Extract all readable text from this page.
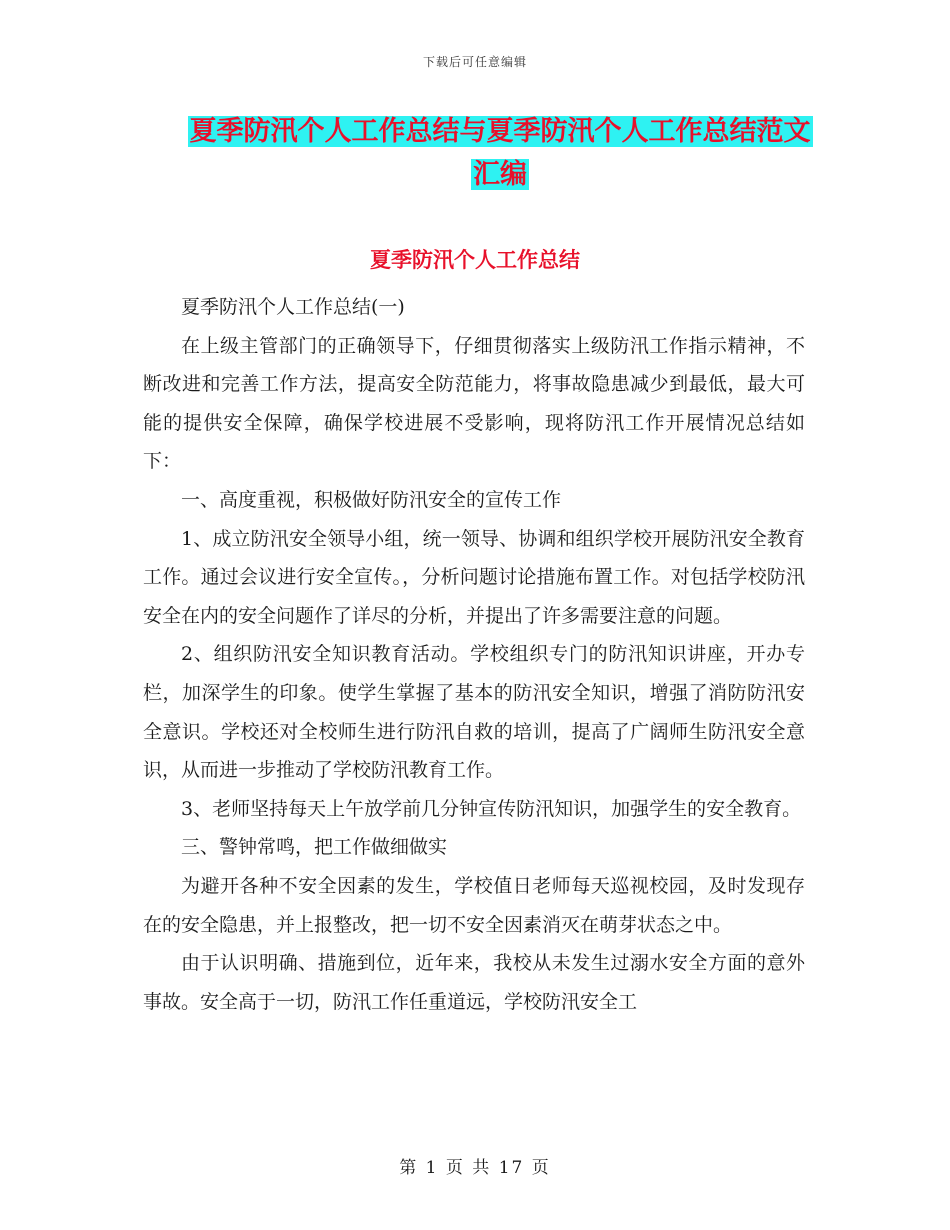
下载后可任意编辑
夏季防汛个人工作总结与夏季防汛个人工作总结范文
汇编
夏季防汛个人工作总结

夏季防汛个人工作总结(一)

在上级主管部门的正确领导下，仔细贯彻落实上级防汛工作指示精神，不断改进和完善工作方法，提高安全防范能力，将事故隐患减少到最低，最大可能的提供安全保障，确保学校进展不受影响，现将防汛工作开展情况总结如下：

一、高度重视，积极做好防汛安全的宣传工作

1、成立防汛安全领导小组，统一领导、协调和组织学校开展防汛安全教育工作。通过会议进行安全宣传。，分析问题讨论措施布置工作。对包括学校防汛安全在内的安全问题作了详尽的分析，并提出了许多需要注意的问题。

2、组织防汛安全知识教育活动。学校组织专门的防汛知识讲座，开办专栏，加深学生的印象。使学生掌握了基本的防汛安全知识，增强了消防防汛安全意识。学校还对全校师生进行防汛自救的培训，提高了广阔师生防汛安全意识，从而进一步推动了学校防汛教育工作。

3、老师坚持每天上午放学前几分钟宣传防汛知识，加强学生的安全教育。

三、警钟常鸣，把工作做细做实

为避开各种不安全因素的发生，学校值日老师每天巡视校园，及时发现存在的安全隐患，并上报整改，把一切不安全因素消灭在萌芽状态之中。

由于认识明确、措施到位，近年来，我校从未发生过溺水安全方面的意外事故。安全高于一切，防汛工作任重道远，学校防汛安全工

第 1 页 共 17 页
